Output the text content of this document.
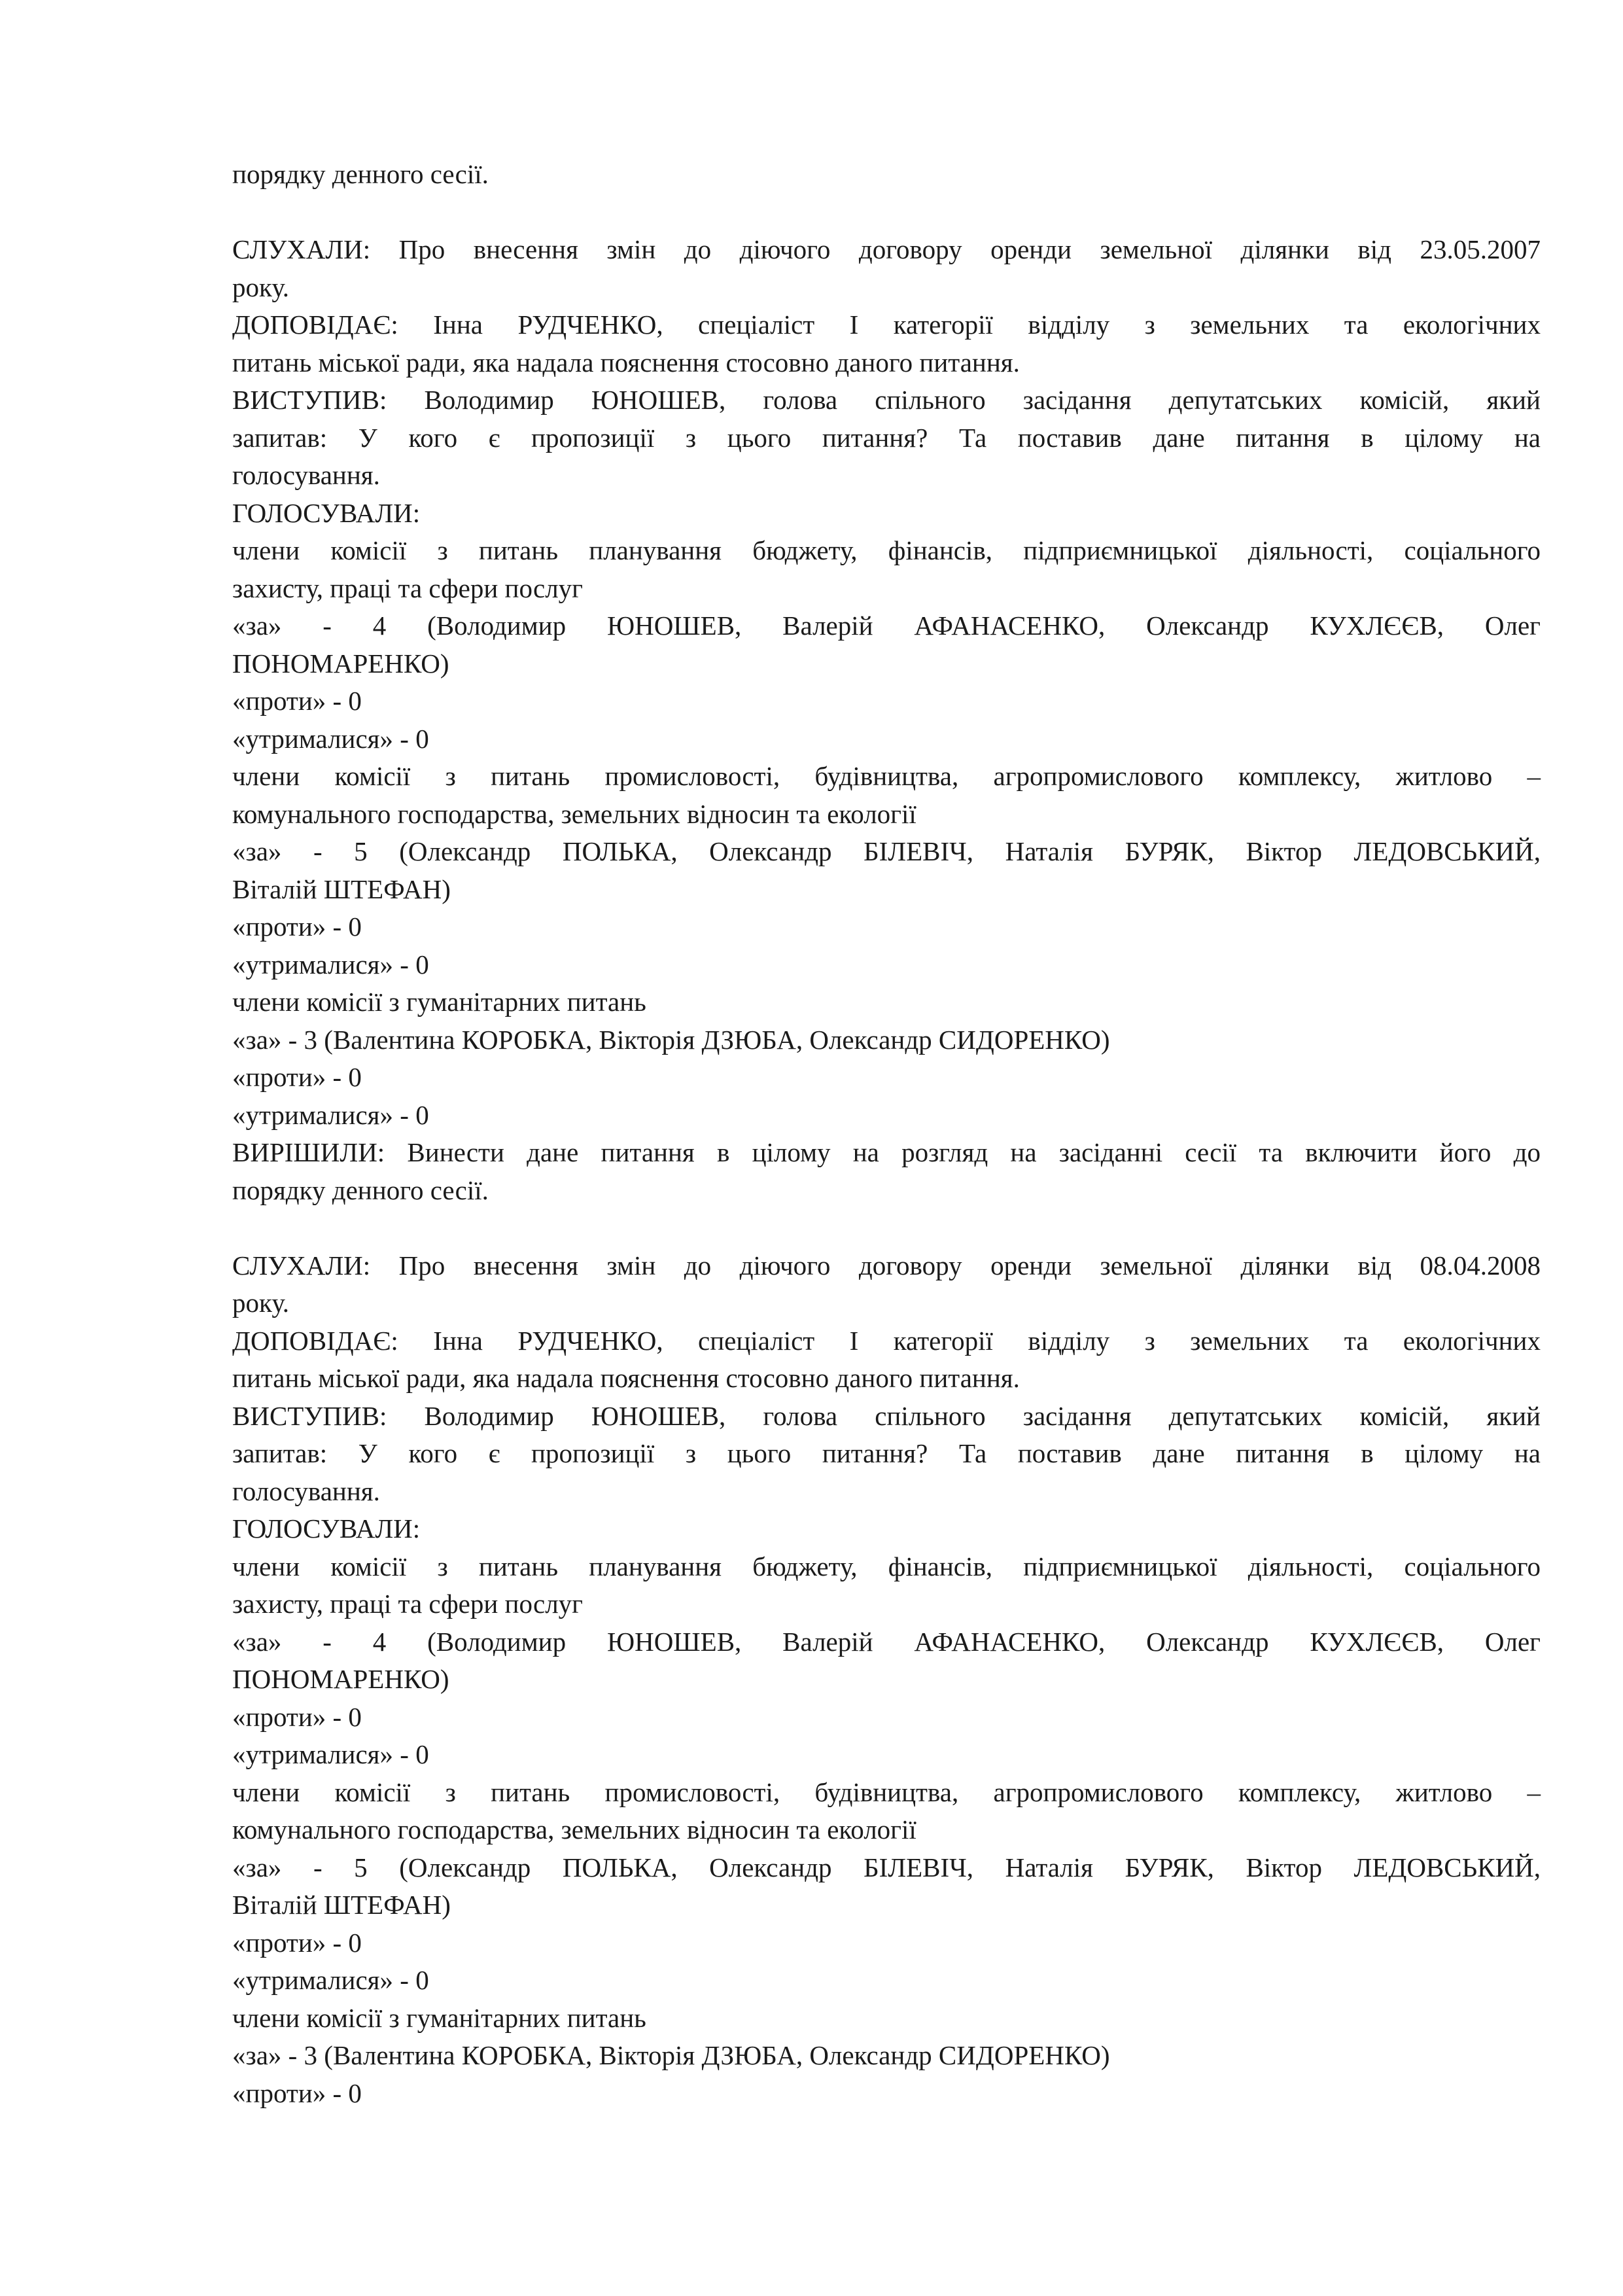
порядку денного сесії.
СЛУХАЛИ: Про внесення змін до діючого договору оренди земельної ділянки від 23.05.2007
року.
ДОПОВІДАЄ: Інна РУДЧЕНКО, спеціаліст І категорії відділу з земельних та екологічних
питань міської ради, яка надала пояснення стосовно даного питання.
ВИСТУПИВ: Володимир ЮНОШЕВ, голова спільного засідання депутатських комісій, який
запитав: У кого є пропозиції з цього питання? Та поставив дане питання в цілому на
голосування.
ГОЛОСУВАЛИ:
члени комісії з питань планування бюджету, фінансів, підприємницької діяльності, соціального
захисту, праці та сфери послуг
«за» - 4 (Володимир ЮНОШЕВ, Валерій АФАНАСЕНКО, Олександр КУХЛЄЄВ, Олег
ПОНОМАРЕНКО)
«проти» - 0
«утрималися» - 0
члени комісії з питань промисловості, будівництва, агропромислового комплексу, житлово –
комунального господарства, земельних відносин та екології
«за» - 5 (Олександр ПОЛЬКА, Олександр БІЛЕВІЧ, Наталія БУРЯК, Віктор ЛЕДОВСЬКИЙ,
Віталій ШТЕФАН)
«проти» - 0
«утрималися» - 0
члени комісії з гуманітарних питань
«за» - 3 (Валентина КОРОБКА, Вікторія ДЗЮБА, Олександр СИДОРЕНКО)
«проти» - 0
«утрималися» - 0
ВИРІШИЛИ: Винести дане питання в цілому на розгляд на засіданні сесії та включити його до
порядку денного сесії.
СЛУХАЛИ: Про внесення змін до діючого договору оренди земельної ділянки від 08.04.2008
року.
ДОПОВІДАЄ: Інна РУДЧЕНКО, спеціаліст І категорії відділу з земельних та екологічних
питань міської ради, яка надала пояснення стосовно даного питання.
ВИСТУПИВ: Володимир ЮНОШЕВ, голова спільного засідання депутатських комісій, який
запитав: У кого є пропозиції з цього питання? Та поставив дане питання в цілому на
голосування.
ГОЛОСУВАЛИ:
члени комісії з питань планування бюджету, фінансів, підприємницької діяльності, соціального
захисту, праці та сфери послуг
«за» - 4 (Володимир ЮНОШЕВ, Валерій АФАНАСЕНКО, Олександр КУХЛЄЄВ, Олег
ПОНОМАРЕНКО)
«проти» - 0
«утрималися» - 0
члени комісії з питань промисловості, будівництва, агропромислового комплексу, житлово –
комунального господарства, земельних відносин та екології
«за» - 5 (Олександр ПОЛЬКА, Олександр БІЛЕВІЧ, Наталія БУРЯК, Віктор ЛЕДОВСЬКИЙ,
Віталій ШТЕФАН)
«проти» - 0
«утрималися» - 0
члени комісії з гуманітарних питань
«за» - 3 (Валентина КОРОБКА, Вікторія ДЗЮБА, Олександр СИДОРЕНКО)
«проти» - 0
